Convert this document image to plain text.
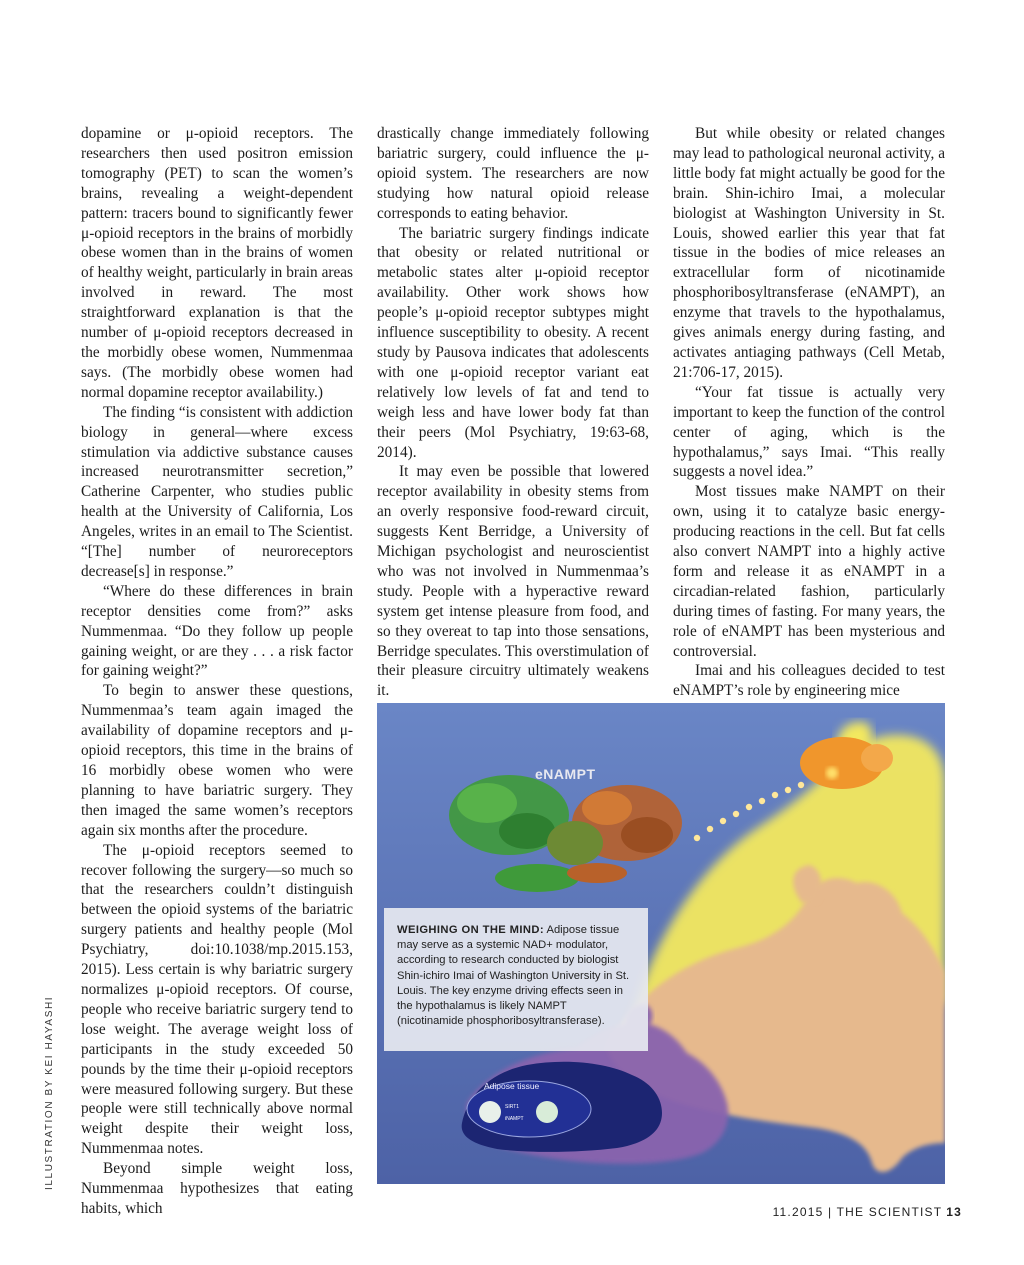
dopamine or μ-opioid receptors. The researchers then used positron emission tomography (PET) to scan the women’s brains, revealing a weight-dependent pattern: tracers bound to significantly fewer μ-opioid receptors in the brains of morbidly obese women than in the brains of women of healthy weight, particularly in brain areas involved in reward. The most straightforward explanation is that the number of μ-opioid receptors decreased in the morbidly obese women, Nummenmaa says. (The morbidly obese women had normal dopamine receptor availability.)

The finding “is consistent with addiction biology in general—where excess stimulation via addictive substance causes increased neurotransmitter secretion,” Catherine Carpenter, who studies public health at the University of California, Los Angeles, writes in an email to The Scientist. “[The] number of neuroreceptors decrease[s] in response.”

“Where do these differences in brain receptor densities come from?” asks Nummenmaa. “Do they follow up people gaining weight, or are they . . . a risk factor for gaining weight?”

To begin to answer these questions, Nummenmaa’s team again imaged the availability of dopamine receptors and μ-opioid receptors, this time in the brains of 16 morbidly obese women who were planning to have bariatric surgery. They then imaged the same women’s receptors again six months after the procedure.

The μ-opioid receptors seemed to recover following the surgery—so much so that the researchers couldn’t distinguish between the opioid systems of the bariatric surgery patients and healthy people (Mol Psychiatry, doi:10.1038/mp.2015.153, 2015). Less certain is why bariatric surgery normalizes μ-opioid receptors. Of course, people who receive bariatric surgery tend to lose weight. The average weight loss of participants in the study exceeded 50 pounds by the time their μ-opioid receptors were measured following surgery. But these people were still technically above normal weight despite their weight loss, Nummenmaa notes.

Beyond simple weight loss, Nummenmaa hypothesizes that eating habits, which

drastically change immediately following bariatric surgery, could influence the μ-opioid system. The researchers are now studying how natural opioid release corresponds to eating behavior.

The bariatric surgery findings indicate that obesity or related nutritional or metabolic states alter μ-opioid receptor availability. Other work shows how people’s μ-opioid receptor subtypes might influence susceptibility to obesity. A recent study by Pausova indicates that adolescents with one μ-opioid receptor variant eat relatively low levels of fat and tend to weigh less and have lower body fat than their peers (Mol Psychiatry, 19:63-68, 2014).

It may even be possible that lowered receptor availability in obesity stems from an overly responsive food-reward circuit, suggests Kent Berridge, a University of Michigan psychologist and neuroscientist who was not involved in Nummenmaa’s study. People with a hyperactive reward system get intense pleasure from food, and so they overeat to tap into those sensations, Berridge speculates. This overstimulation of their pleasure circuitry ultimately weakens it.

But while obesity or related changes may lead to pathological neuronal activity, a little body fat might actually be good for the brain. Shin-ichiro Imai, a molecular biologist at Washington University in St. Louis, showed earlier this year that fat tissue in the bodies of mice releases an extracellular form of nicotinamide phosphoribosyltransferase (eNAMPT), an enzyme that travels to the hypothalamus, gives animals energy during fasting, and activates antiaging pathways (Cell Metab, 21:706-17, 2015).

“Your fat tissue is actually very important to keep the function of the control center of aging, which is the hypothalamus,” says Imai. “This really suggests a novel idea.”

Most tissues make NAMPT on their own, using it to catalyze basic energy-producing reactions in the cell. But fat cells also convert NAMPT into a highly active form and release it as eNAMPT in a circadian-related fashion, particularly during times of fasting. For many years, the role of eNAMPT has been mysterious and controversial.

Imai and his colleagues decided to test eNAMPT’s role by engineering mice

ILLUSTRATION BY KEI HAYASHI
eNAMPT
Adipose tissue
SIRT1
iNAMPT
WEIGHING ON THE MIND: Adipose tissue may serve as a systemic NAD+ modulator, according to research conducted by biologist Shin-ichiro Imai of Washington University in St. Louis. The key enzyme driving effects seen in the hypothalamus is likely NAMPT (nicotinamide phosphoribosyltransferase).
11.2015 | THE SCIENTIST 13
